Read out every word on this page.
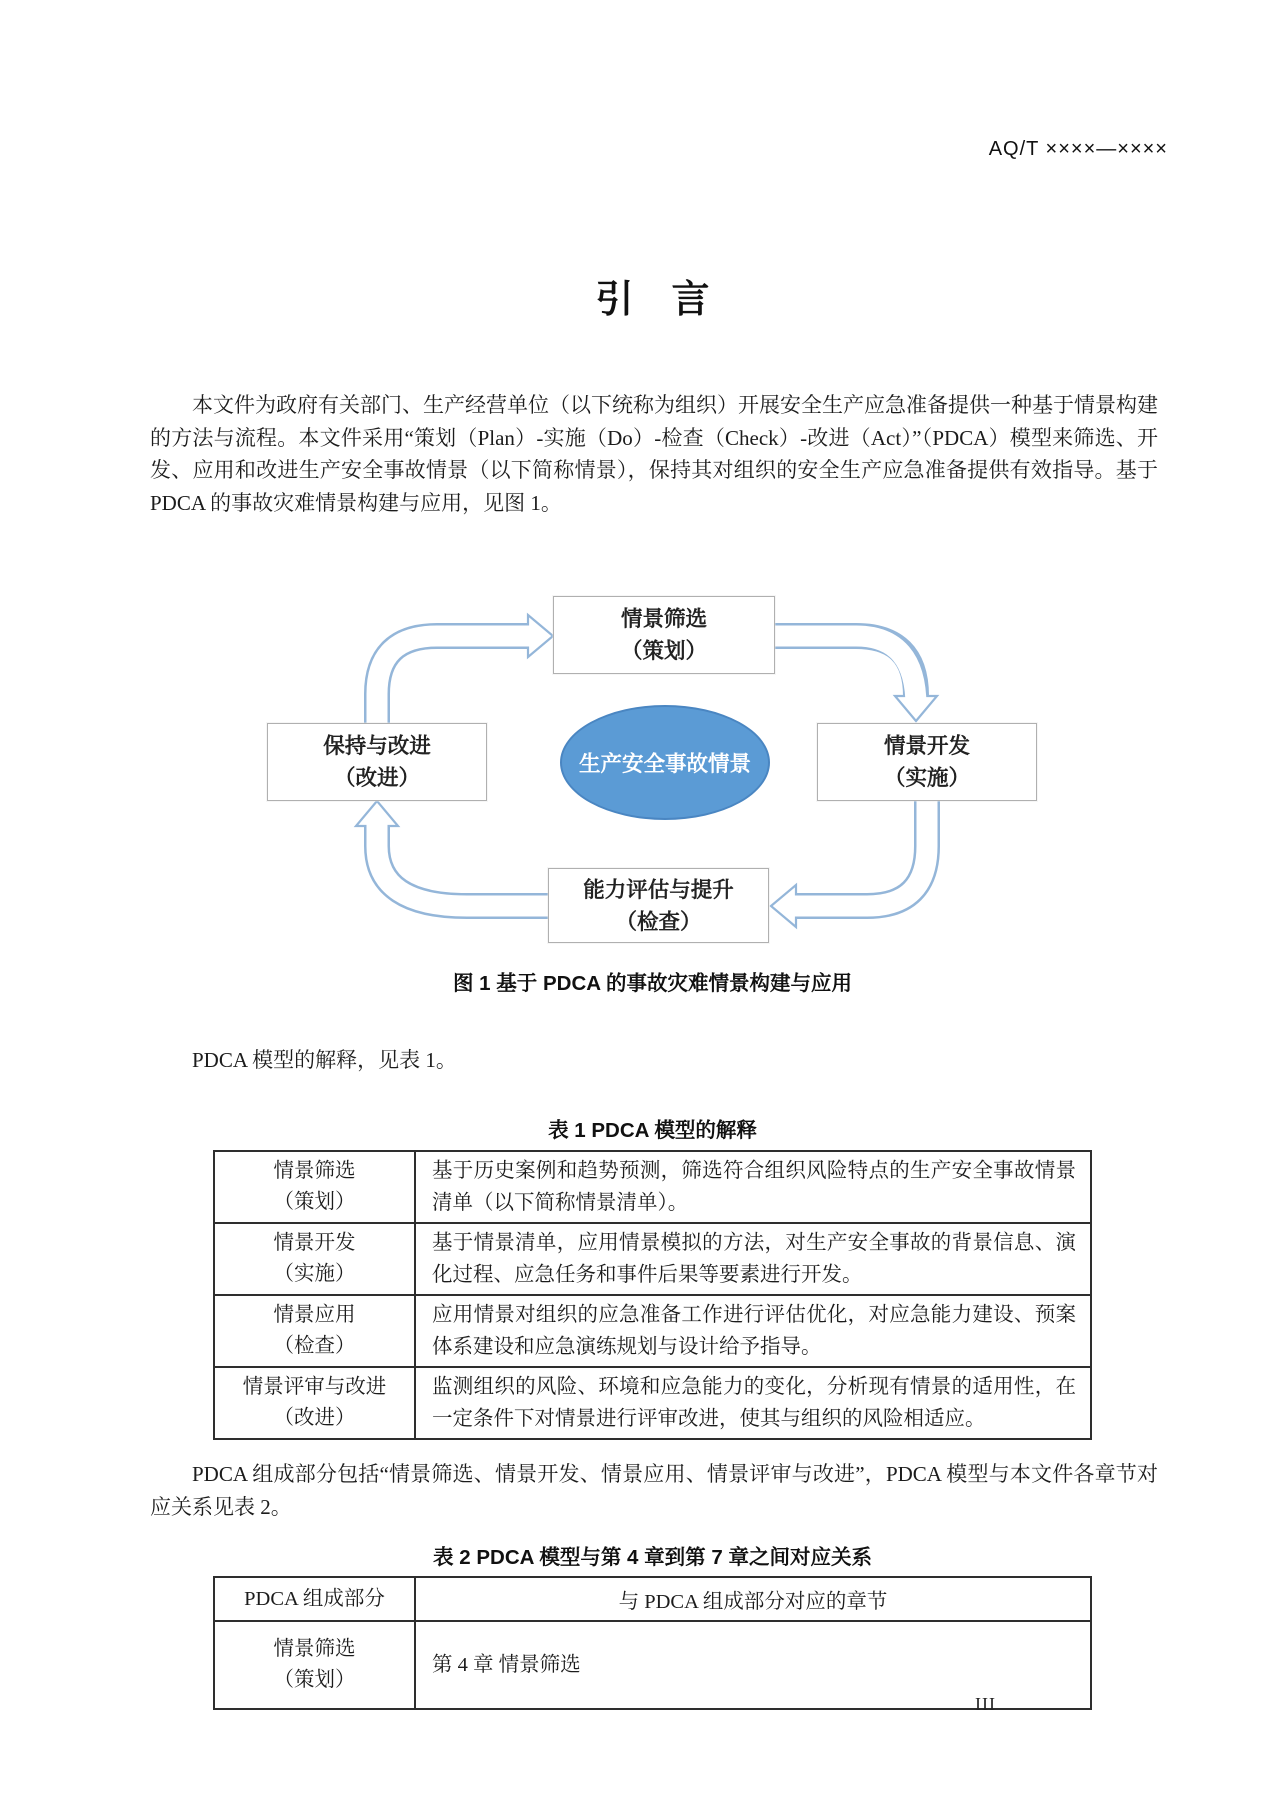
AQ/T ××××—××××
引　言

本文件为政府有关部门、生产经营单位（以下统称为组织）开展安全生产应急准备提供一种基于情景构建的方法与流程。本文件采用“策划（Plan）-实施（Do）-检查（Check）-改进（Act）”（PDCA）模型来筛选、开发、应用和改进生产安全事故情景（以下简称情景），保持其对组织的安全生产应急准备提供有效指导。基于 PDCA 的事故灾难情景构建与应用，见图 1。

情景筛选
（策划）
情景开发
（实施）
能力评估与提升
（检查）
保持与改进
（改进）
生产安全事故情景
图 1 基于 PDCA 的事故灾难情景构建与应用

PDCA 模型的解释，见表 1。

表 1 PDCA 模型的解释
情景筛选
（策划）	基于历史案例和趋势预测，筛选符合组织风险特点的生产安全事故情景清单（以下简称情景清单）。

情景开发
（实施）	基于情景清单，应用情景模拟的方法，对生产安全事故的背景信息、演化过程、应急任务和事件后果等要素进行开发。

情景应用
（检查）	应用情景对组织的应急准备工作进行评估优化，对应急能力建设、预案体系建设和应急演练规划与设计给予指导。

情景评审与改进
（改进）	监测组织的风险、环境和应急能力的变化，分析现有情景的适用性，在一定条件下对情景进行评审改进，使其与组织的风险相适应。

PDCA 组成部分包括“情景筛选、情景开发、情景应用、情景评审与改进”，PDCA 模型与本文件各章节对应关系见表 2。

表 2 PDCA 模型与第 4 章到第 7 章之间对应关系
PDCA 组成部分	与 PDCA 组成部分对应的章节

情景筛选
（策划）	第 4 章 情景筛选
III
